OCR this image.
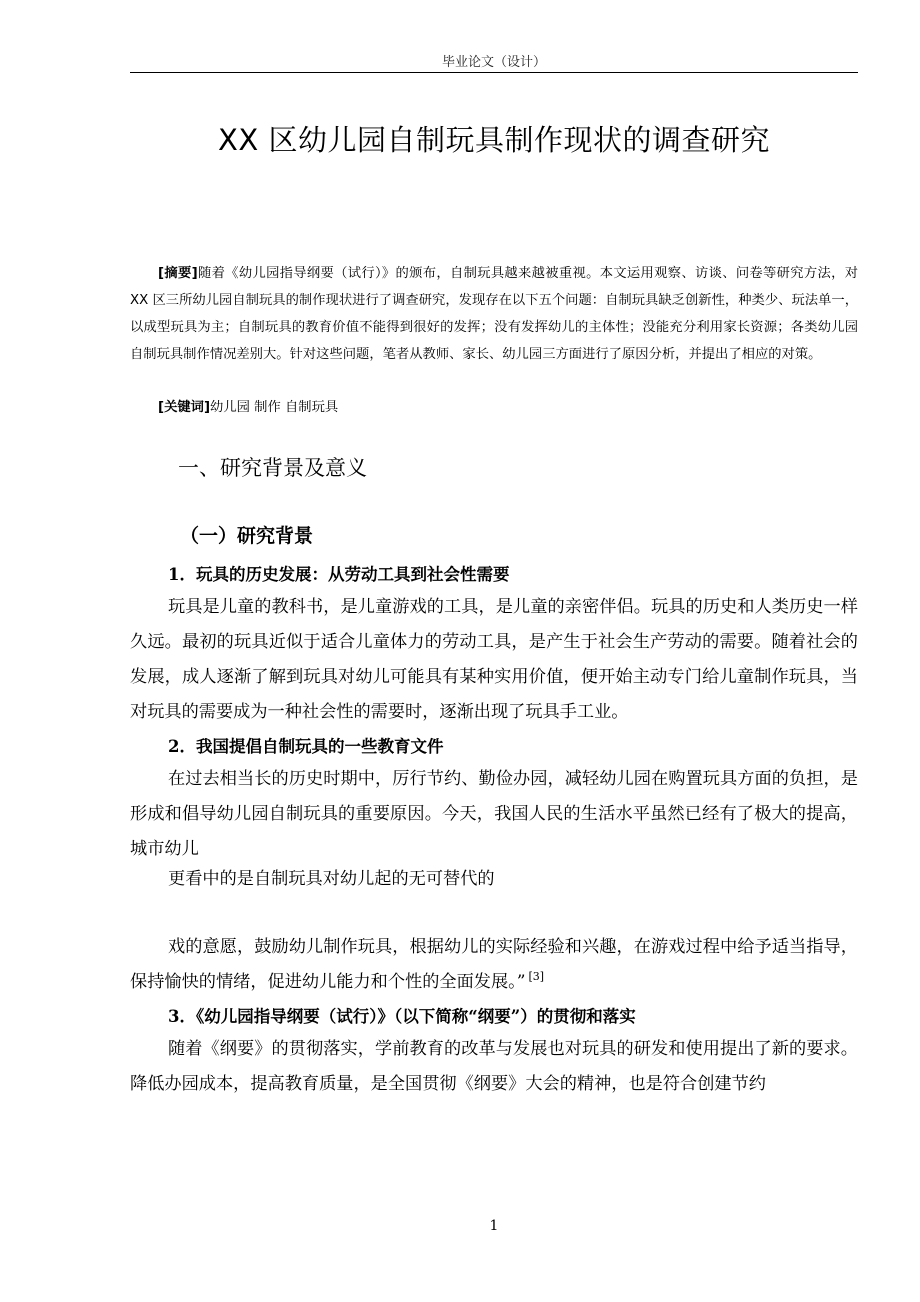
毕业论文（设计）
XX 区幼儿园自制玩具制作现状的调查研究

[摘要]随着《幼儿园指导纲要（试行）》的颁布，自制玩具越来越被重视。本文运用观察、访谈、问卷等研究方法，对 XX 区三所幼儿园自制玩具的制作现状进行了调查研究，发现存在以下五个问题：自制玩具缺乏创新性，种类少、玩法单一，以成型玩具为主；自制玩具的教育价值不能得到很好的发挥；没有发挥幼儿的主体性；没能充分利用家长资源；各类幼儿园自制玩具制作情况差别大。针对这些问题，笔者从教师、家长、幼儿园三方面进行了原因分析，并提出了相应的对策。

[关键词]幼儿园 制作 自制玩具

一、研究背景及意义
（一）研究背景
1．玩具的历史发展：从劳动工具到社会性需要

玩具是儿童的教科书，是儿童游戏的工具，是儿童的亲密伴侣。玩具的历史和人类历史一样久远。最初的玩具近似于适合儿童体力的劳动工具，是产生于社会生产劳动的需要。随着社会的发展，成人逐渐了解到玩具对幼儿可能具有某种实用价值，便开始主动专门给儿童制作玩具，当对玩具的需要成为一种社会性的需要时，逐渐出现了玩具手工业。

2．我国提倡自制玩具的一些教育文件

在过去相当长的历史时期中，厉行节约、勤俭办园，减轻幼儿园在购置玩具方面的负担，是形成和倡导幼儿园自制玩具的重要原因。今天，我国人民的生活水平虽然已经有了极大的提高，城市幼儿

更看中的是自制玩具对幼儿起的无可替代的

戏的意愿，鼓励幼儿制作玩具，根据幼儿的实际经验和兴趣，在游戏过程中给予适当指导，保持愉快的情绪，促进幼儿能力和个性的全面发展。” [3]

3．《幼儿园指导纲要（试行）》（以下简称“纲要”）的贯彻和落实

随着《纲要》的贯彻落实，学前教育的改革与发展也对玩具的研发和使用提出了新的要求。降低办园成本，提高教育质量，是全国贯彻《纲要》大会的精神，也是符合创建节约

1
